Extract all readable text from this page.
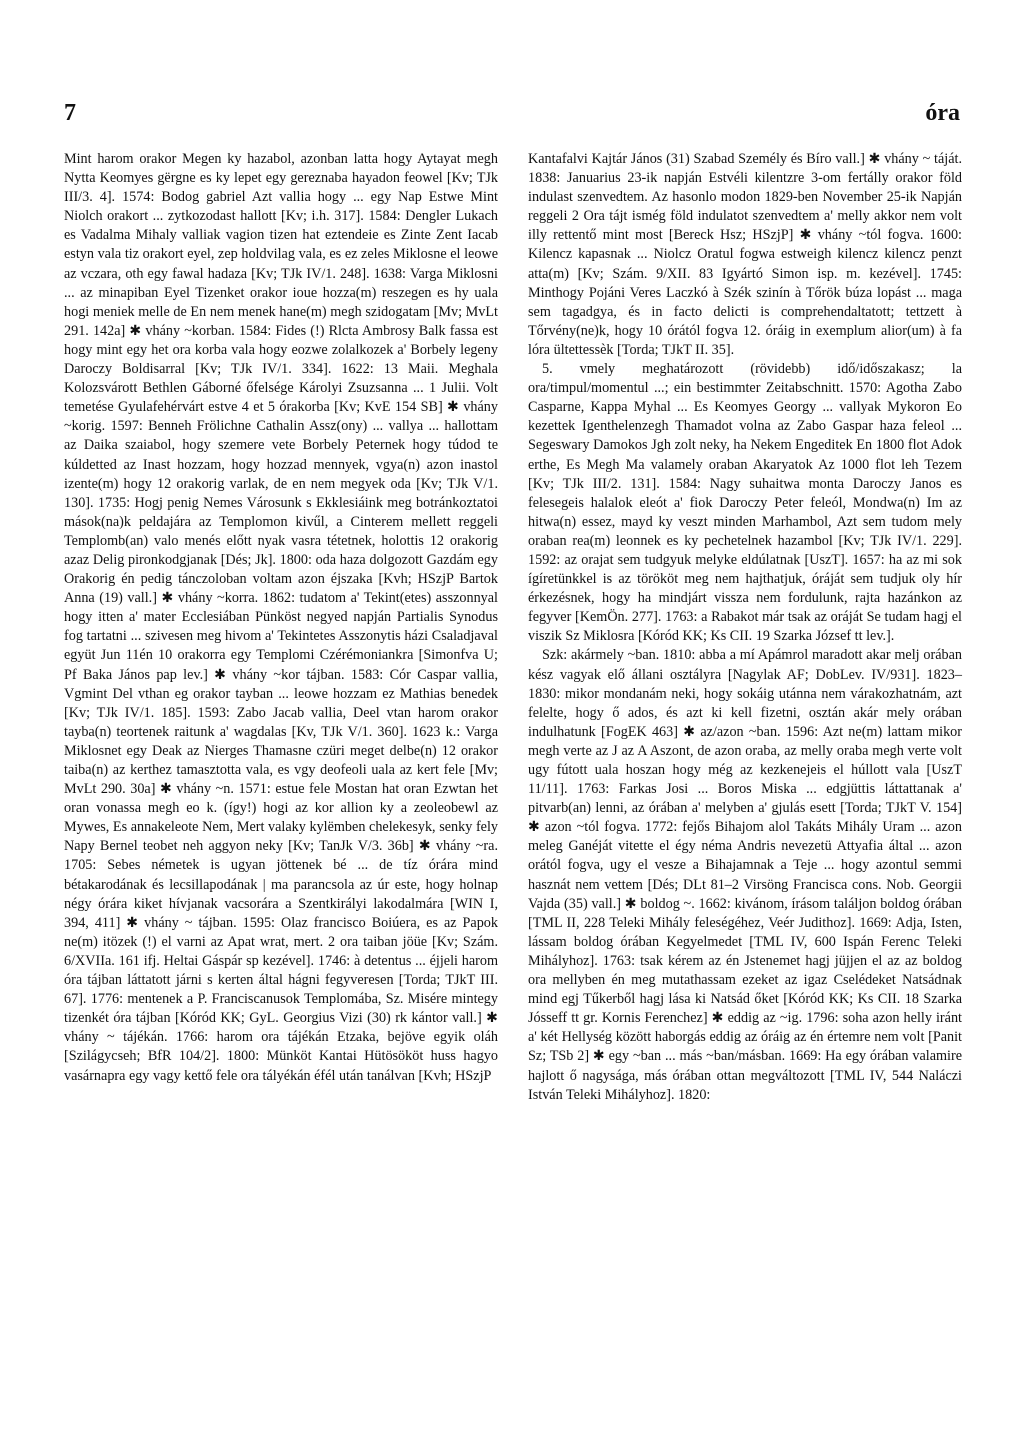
7	óra

Mint harom orakor Megen ky hazabol, azonban latta hogy Aytayat megh Nytta Keomyes gërgne es ky lepet egy gereznaba hayadon feowel [Kv; TJk III/3. 4]. 1574: Bodog gabriel Azt vallia hogy ... egy Nap Estwe Mint Niolch orakort ... zytkozodast hallott [Kv; i.h. 317]. 1584: Dengler Lukach es Vadalma Mihaly valliak vagion tizen hat eztendeie es Zinte Zent Iacab estyn vala tiz orakort eyel, zep holdvilag vala, es ez zeles Miklosne el leowe az vczara, oth egy fawal hadaza [Kv; TJk IV/1. 248]. 1638: Varga Miklosni ... az minapiban Eyel Tizenket orakor ioue hozza(m) reszegen es hy uala hogi meniek melle de En nem menek hane(m) megh szidogatam [Mv; MvLt 291. 142a] ✱ vhány ~korban. 1584: Fides (!) Rlcta Ambrosy Balk fassa est hogy mint egy het ora korba vala hogy eozwe zolalkozek a' Borbely legeny Daroczy Boldisarral [Kv; TJk IV/1. 334]. 1622: 13 Maii. Meghala Kolozsvárott Bethlen Gáborné őfelsége Károlyi Zsuzsanna ... 1 Julii. Volt temetése Gyulafehérvárt estve 4 et 5 órakorba [Kv; KvE 154 SB] ✱ vhány ~korig. 1597: Benneh Frölichne Cathalin Assz(ony) ... vallya ... hallottam az Daika szaiabol, hogy szemere vete Borbely Peternek hogy túdod te kúldetted az Inast hozzam, hogy hozzad mennyek, vgya(n) azon inastol izente(m) hogy 12 orakorig varlak, de en nem megyek oda [Kv; TJk V/1. 130]. 1735: Hogj penig Nemes Városunk s Ekklesiáink meg botránkoztatoi mások(na)k peldajára az Templomon kivűl, a Cinterem mellett reggeli Templomb(an) valo menés előtt nyak vasra tétetnek, holottis 12 orakorig azaz Delig pironkodgjanak [Dés; Jk]. 1800: oda haza dolgozott Gazdám egy Orakorig én pedig tánczoloban voltam azon éjszaka [Kvh; HSzjP Bartok Anna (19) vall.] ✱ vhány ~korra. 1862: tudatom a' Tekint(etes) asszonnyal hogy itten a' mater Ecclesiában Pünköst negyed napján Partialis Synodus fog tartatni ... szivesen meg hivom a' Tekintetes Asszonytis házi Csaladjaval együt Jun 11én 10 orakorra egy Templomi Czérémoniankra [Simonfva U; Pf Baka János pap lev.] ✱ vhány ~kor tájban. 1583: Cór Caspar vallia, Vgmint Del vthan eg orakor tayban ... leowe hozzam ez Mathias benedek [Kv; TJk IV/1. 185]. 1593: Zabo Jacab vallia, Deel vtan harom orakor tayba(n) teortenek raitunk a' wagdalas [Kv, TJk V/1. 360]. 1623 k.: Varga Miklosnet egy Deak az Nierges Thamasne czüri meget delbe(n) 12 orakor taiba(n) az kerthez tamasztotta vala, es vgy deofeoli uala az kert fele [Mv; MvLt 290. 30a] ✱ vhány ~n. 1571: estue fele Mostan hat oran Ezwtan het oran vonassa megh eo k. (így!) hogi az kor allion ky a zeoleobewl az Mywes, Es annakeleote Nem, Mert valaky kylëmben chelekesyk, senky fely Napy Bernel teobet neh aggyon neky [Kv; TanJk V/3. 36b] ✱ vhány ~ra. 1705: Sebes németek is ugyan jöttenek bé ... de tíz órára mind bétakarodának és lecsillapodának | ma parancsola az úr este, hogy holnap négy órára kiket hívjanak vacsorára a Szentkirályi lakodalmára [WIN I, 394, 411] ✱ vhány ~ tájban. 1595: Olaz francisco Boiúera, es az Papok ne(m) itözek (!) el varni az Apat wrat, mert. 2 ora taiban jöüe [Kv; Szám. 6/XVIIa. 161 ifj. Heltai Gáspár sp kezével]. 1746: à detentus ... éjjeli harom óra tájban láttatott járni s kerten által hágni fegyveresen [Torda; TJkT III. 67]. 1776: mentenek a P. Franciscanusok Templomába, Sz. Misére mintegy tizenkét óra tájban [Kóród KK; GyL. Georgius Vizi (30) rk kántor vall.] ✱ vhány ~ tájékán. 1766: harom ora tájékán Etzaka, bejöve egyik oláh [Szilágycseh; BfR 104/2]. 1800: Münköt Kantai Hütösököt huss hagyo vasárnapra egy vagy kettő fele ora tályékán éfél után tanálvan [Kvh; HSzjP

Kantafalvi Kajtár János (31) Szabad Személy és Bíro vall.] ✱ vhány ~ táját. 1838: Januarius 23-ik napján Estvéli kilentzre 3-om fertálly orakor föld indulast szenvedtem. Az hasonlo modon 1829-ben November 25-ik Napján reggeli 2 Ora tájt ismég föld indulatot szenvedtem a' melly akkor nem volt illy rettentő mint most [Bereck Hsz; HSzjP] ✱ vhány ~tól fogva. 1600: Kilencz kapasnak ... Niolcz Oratul fogwa estweigh kilencz kilencz penzt atta(m) [Kv; Szám. 9/XII. 83 Igyártó Simon isp. m. kezével]. 1745: Minthogy Pojáni Veres Laczkó à Szék szinín à Tőrök búza lopást ... maga sem tagadgya, és in facto delicti is comprehendaltatott; tettzett à Tőrvény(ne)k, hogy 10 órától fogva 12. óráig in exemplum alior(um) à fa lóra ültettessèk [Torda; TJkT II. 35].

5. vmely meghatározott (rövidebb) idő/időszakasz; la ora/timpul/momentul ...; ein bestimmter Zeitabschnitt. 1570: Agotha Zabo Casparne, Kappa Myhal ... Es Keomyes Georgy ... vallyak Mykoron Eo kezettek Igenthelenzegh Thamadot volna az Zabo Gaspar haza feleol ... Segeswary Damokos Jgh zolt neky, ha Nekem Engeditek En 1800 flot Adok erthe, Es Megh Ma valamely oraban Akaryatok Az 1000 flot leh Tezem [Kv; TJk III/2. 131]. 1584: Nagy suhaitwa monta Daroczy Janos es felesegeis halalok eleót a' fiok Daroczy Peter feleól, Mondwa(n) Im az hitwa(n) essez, mayd ky veszt minden Marhambol, Azt sem tudom mely oraban rea(m) leonnek es ky pechetelnek hazambol [Kv; TJk IV/1. 229]. 1592: az orajat sem tudgyuk melyke eldúlatnak [UszT]. 1657: ha az mi sok ígíretünkkel is az törököt meg nem hajthatjuk, óráját sem tudjuk oly hír érkezésnek, hogy ha mindjárt vissza nem fordulunk, rajta hazánkon az fegyver [KemÖn. 277]. 1763: a Rabakot már tsak az oráját Se tudam hagj el viszik Sz Miklosra [Kóród KK; Ks CII. 19 Szarka József tt lev.].

Szk: akármely ~ban. 1810: abba a mí Apámrol maradott akar melj orában kész vagyak elő állani osztályra [Nagylak AF; DobLev. IV/931]. 1823–1830: mikor mondanám neki, hogy sokáig utánna nem várakozhatnám, azt felelte, hogy ő ados, és azt ki kell fizetni, osztán akár mely orában indulhatunk [FogEK 463] ✱ az/azon ~ban. 1596: Azt ne(m) lattam mikor megh verte az J az A Aszont, de azon oraba, az melly oraba megh verte volt ugy fútott uala hoszan hogy még az kezkenejeis el húllott vala [UszT 11/11]. 1763: Farkas Josi ... Boros Miska ... edgjüttis láttattanak a' pitvarb(an) lenni, az órában a' melyben a' gjulás esett [Torda; TJkT V. 154] ✱ azon ~tól fogva. 1772: fejős Bihajom alol Takáts Mihály Uram ... azon meleg Ganéját vitette el égy néma Andris nevezetü Attyafia által ... azon orától fogva, ugy el vesze a Bihajamnak a Teje ... hogy azontul semmi hasznát nem vettem [Dés; DLt 81–2 Virsöng Francisca cons. Nob. Georgii Vajda (35) vall.] ✱ boldog ~. 1662: kivánom, írásom találjon boldog órában [TML II, 228 Teleki Mihály feleségéhez, Veér Judithoz]. 1669: Adja, Isten, lássam boldog órában Kegyelmedet [TML IV, 600 Ispán Ferenc Teleki Mihályhoz]. 1763: tsak kérem az én Jstenemet hagj jüjjen el az az boldog ora mellyben én meg mutathassam ezeket az igaz Cselédeket Natsádnak mind egj Tűkerből hagj lása ki Natsád őket [Kóród KK; Ks CII. 18 Szarka Jósseff tt gr. Kornis Ferenchez] ✱ eddig az ~ig. 1796: soha azon helly iránt a' két Hellység között haborgás eddig az óráig az én értemre nem volt [Panit Sz; TSb 2] ✱ egy ~ban ... más ~ban/másban. 1669: Ha egy órában valamire hajlott ő nagysága, más órában ottan megváltozott [TML IV, 544 Naláczi István Teleki Mihályhoz]. 1820:
